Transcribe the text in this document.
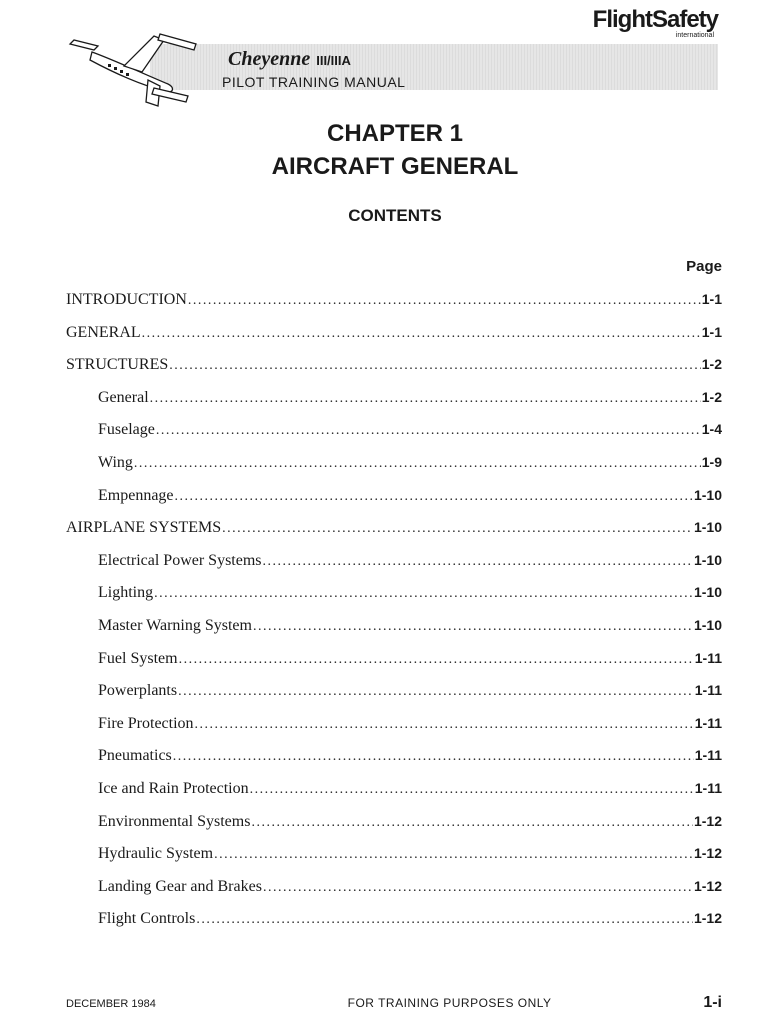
Cheyenne III/IIIA
PILOT TRAINING MANUAL
FlightSafety
international
CHAPTER 1
AIRCRAFT GENERAL
CONTENTS
Page
INTRODUCTION .....	1-1
GENERAL .....	1-1
STRUCTURES .....	1-2
General .....	1-2
Fuselage .....	1-4
Wing .....	1-9
Empennage .....	1-10
AIRPLANE SYSTEMS .....	1-10
Electrical Power Systems .....	1-10
Lighting .....	1-10
Master Warning System .....	1-10
Fuel System .....	1-11
Powerplants .....	1-11
Fire Protection .....	1-11
Pneumatics .....	1-11
Ice and Rain Protection .....	1-11
Environmental Systems .....	1-12
Hydraulic System .....	1-12
Landing Gear and Brakes .....	1-12
Flight Controls .....	1-12
DECEMBER 1984	FOR TRAINING PURPOSES ONLY	1-i
